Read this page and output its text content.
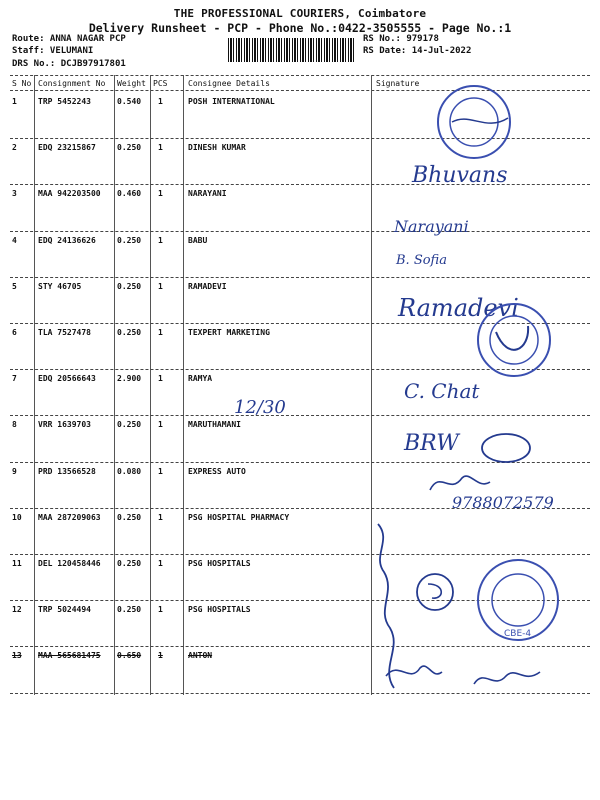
THE PROFESSIONAL COURIERS, Coimbatore
Delivery Runsheet - PCP - Phone No.:0422-3505555 - Page No.:1
Route: ANNA NAGAR PCP
Staff: VELUMANI
DRS No.: DCJB97917801
RS No.: 979178
RS Date: 14-Jul-2022
S No Consignment No Weight PCS	Consignee Details	Signature
1	TRP 5452243	0.540 1	POSH INTERNATIONAL
2	EDQ 23215867	0.250 1	DINESH KUMAR
3	MAA 942203500 0.460 1	NARAYANI
4	EDQ 24136626	0.250 1	BABU
5	STY 46705	0.250 1	RAMADEVI
6	TLA 7527478	0.250 1	TEXPERT MARKETING
7	EDQ 20566643	2.900 1	RAMYA
8	VRR 1639703	0.250 1	MARUTHAMANI
9	PRD 13566528	0.080 1	EXPRESS AUTO
10 MAA 287209063 0.250 1	PSG HOSPITAL PHARMACY
11 DEL 120458446 0.250 1	PSG HOSPITALS
12 TRP 5024494	0.250 1	PSG HOSPITALS
13 MAA 565681475 0.650 1	ANTON
Bhuvans
Narayani
B. Sofia
Ramadevi
C. Chat
12/30
BRW
9788072579
CBE-4
